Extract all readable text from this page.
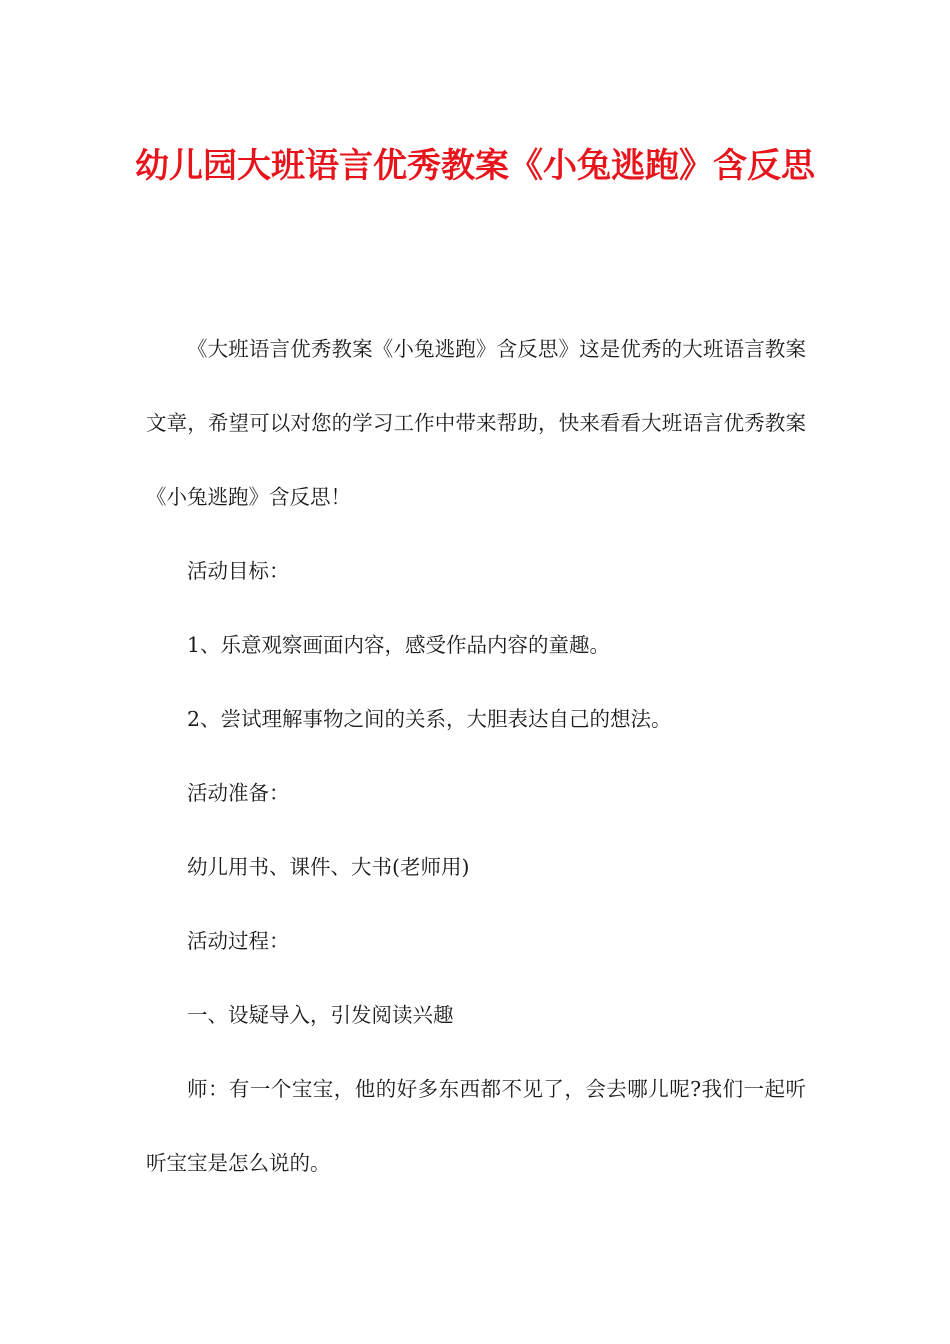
幼儿园大班语言优秀教案《小兔逃跑》含反思

《大班语言优秀教案《小兔逃跑》含反思》这是优秀的大班语言教案文章，希望可以对您的学习工作中带来帮助，快来看看大班语言优秀教案《小兔逃跑》含反思！

活动目标：

1、乐意观察画面内容，感受作品内容的童趣。

2、尝试理解事物之间的关系，大胆表达自己的想法。

活动准备：

幼儿用书、课件、大书(老师用)

活动过程：

一、设疑导入，引发阅读兴趣

师：有一个宝宝，他的好多东西都不见了，会去哪儿呢?我们一起听听宝宝是怎么说的。
